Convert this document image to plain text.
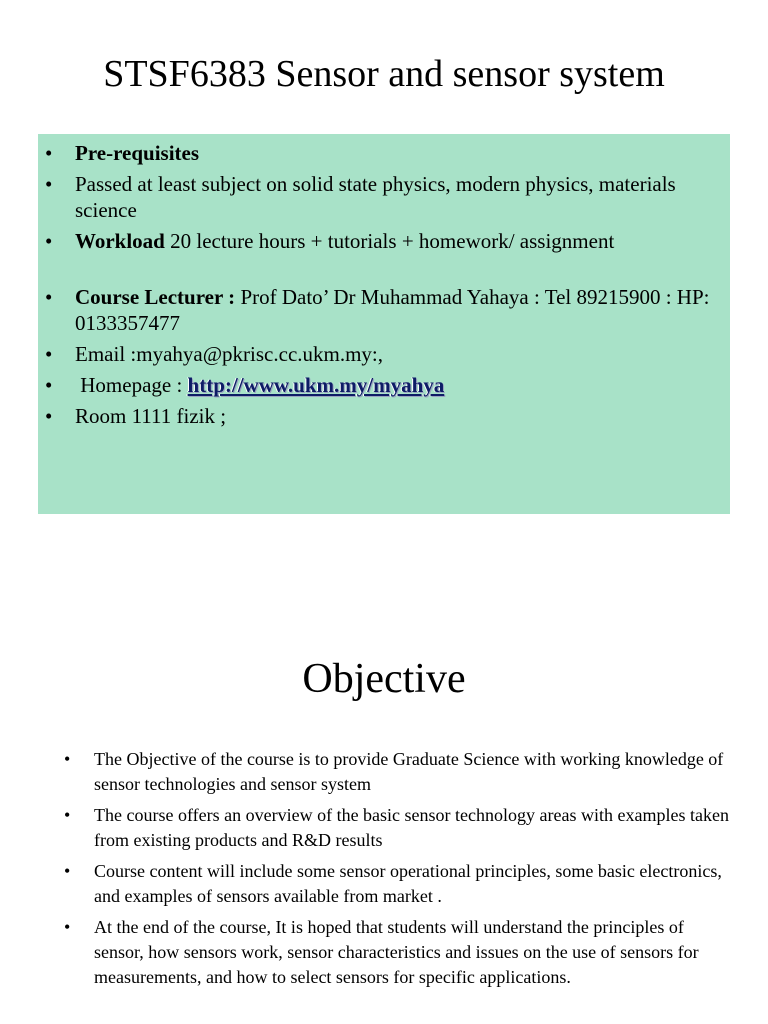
STSF6383 Sensor and sensor system
• Pre-requisites
• Passed at least subject on solid state physics, modern physics, materials science
• Workload 20 lecture hours + tutorials + homework/ assignment
• Course Lecturer : Prof Dato’ Dr Muhammad Yahaya : Tel 89215900 : HP: 0133357477
• Email :myahya@pkrisc.cc.ukm.my:,
•  Homepage : http://www.ukm.my/myahya
• Room 1111 fizik ;
Objective
• The Objective of the course is to provide Graduate Science with working knowledge of sensor technologies and sensor system
• The course offers an overview of the basic sensor technology areas with examples taken from existing products and R&D results
• Course content will include some sensor operational principles, some basic electronics, and examples of sensors available from market .
• At the end of the course, It is hoped that students will understand the principles of sensor, how sensors work, sensor characteristics and issues on the use of sensors for measurements, and how to select sensors for specific applications.
